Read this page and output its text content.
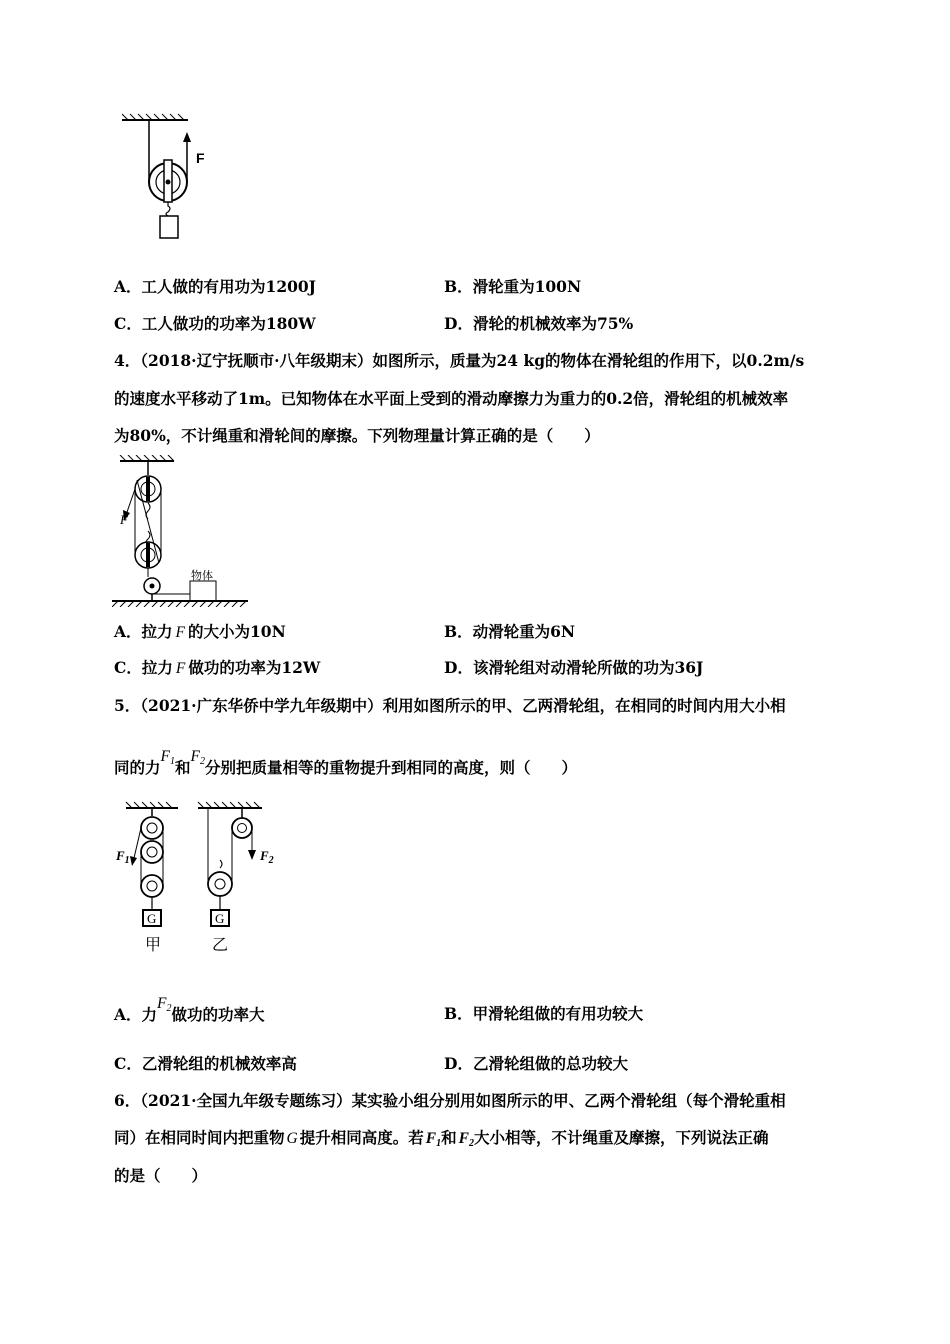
F
A．工人做的有用功为1200J	B．滑轮重为100N
C．工人做功的功率为180W	D．滑轮的机械效率为75%
4．（2018·辽宁抚顺市·八年级期末）如图所示，质量为24 kg的物体在滑轮组的作用下，以0.2m/s
的速度水平移动了1m。已知物体在水平面上受到的滑动摩擦力为重力的0.2倍，滑轮组的机械效率
为80%，不计绳重和滑轮间的摩擦。下列物理量计算正确的是（　　）
F
物体
A．拉力 F 的大小为10N	B．动滑轮重为6N
C．拉力 F 做功的功率为12W	D．该滑轮组对动滑轮所做的功为36J
5．（2021·广东华侨中学九年级期中）利用如图所示的甲、乙两滑轮组，在相同的时间内用大小相
同的力$F_1$和$F_2$分别把质量相等的重物提升到相同的高度，则（　　）
$F_1$	$F_2$
G	G
甲	乙
A．力$F_2$做功的功率大	B．甲滑轮组做的有用功较大
C．乙滑轮组的机械效率高	D．乙滑轮组做的总功较大
6．（2021·全国九年级专题练习）某实验小组分别用如图所示的甲、乙两个滑轮组（每个滑轮重相
同）在相同时间内把重物 G 提升相同高度。若 $F_1$和 $F_2$大小相等，不计绳重及摩擦，下列说法正确
的是（　　）
